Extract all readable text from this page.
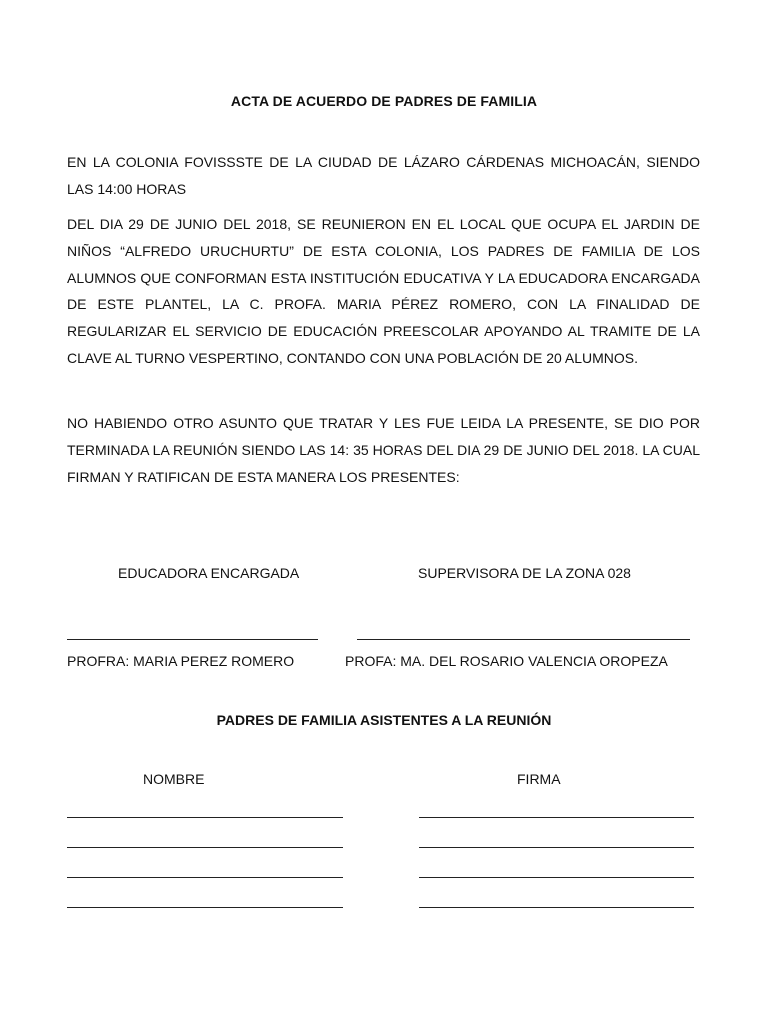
ACTA DE ACUERDO DE PADRES DE FAMILIA

EN LA COLONIA FOVISSSTE DE LA CIUDAD DE LÁZARO CÁRDENAS MICHOACÁN, SIENDO LAS 14:00 HORAS

DEL DIA 29 DE JUNIO DEL 2018, SE REUNIERON EN EL LOCAL QUE OCUPA EL JARDIN DE NIÑOS “ALFREDO URUCHURTU” DE ESTA COLONIA, LOS PADRES DE FAMILIA DE LOS ALUMNOS QUE CONFORMAN ESTA INSTITUCIÓN EDUCATIVA Y LA EDUCADORA ENCARGADA DE ESTE PLANTEL, LA C. PROFA. MARIA PÉREZ ROMERO, CON LA FINALIDAD DE REGULARIZAR EL SERVICIO DE EDUCACIÓN PREESCOLAR APOYANDO AL TRAMITE DE LA CLAVE AL TURNO VESPERTINO, CONTANDO CON UNA POBLACIÓN DE 20 ALUMNOS.

NO HABIENDO OTRO ASUNTO QUE TRATAR Y LES FUE LEIDA LA PRESENTE, SE DIO POR TERMINADA LA REUNIÓN SIENDO LAS 14: 35 HORAS DEL DIA 29 DE JUNIO DEL 2018. LA CUAL FIRMAN Y RATIFICAN DE ESTA MANERA LOS PRESENTES:

EDUCADORA ENCARGADA	SUPERVISORA DE LA ZONA 028
PROFRA: MARIA PEREZ ROMERO	PROFA: MA. DEL ROSARIO VALENCIA OROPEZA
PADRES DE FAMILIA ASISTENTES A LA REUNIÓN
NOMBRE	FIRMA
